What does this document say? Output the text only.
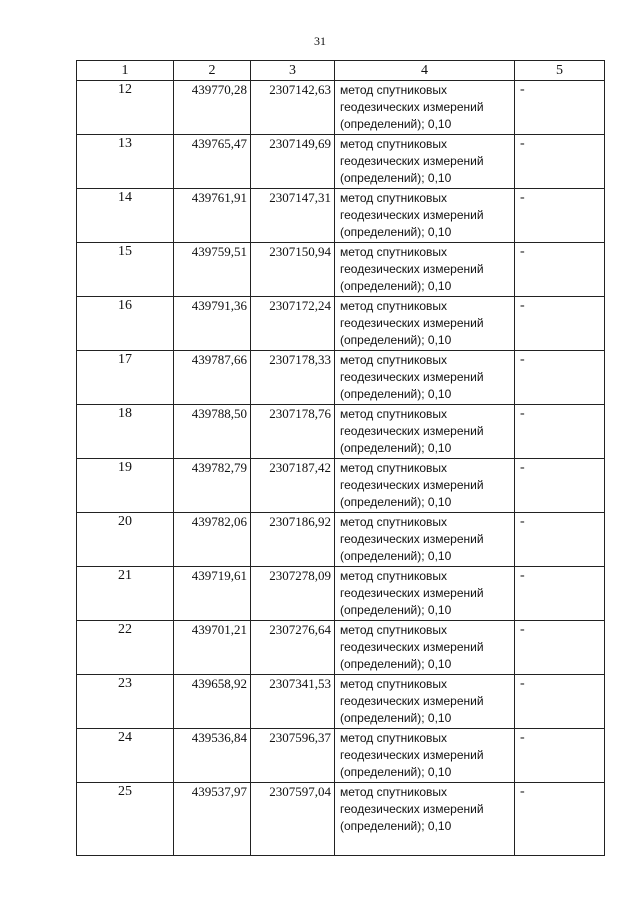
31
1	2	3	4	5
12	439770,28	2307142,63	метод спутниковых
геодезических измерений
(определений); 0,10	-
13	439765,47	2307149,69	метод спутниковых
геодезических измерений
(определений); 0,10	-
14	439761,91	2307147,31	метод спутниковых
геодезических измерений
(определений); 0,10	-
15	439759,51	2307150,94	метод спутниковых
геодезических измерений
(определений); 0,10	-
16	439791,36	2307172,24	метод спутниковых
геодезических измерений
(определений); 0,10	-
17	439787,66	2307178,33	метод спутниковых
геодезических измерений
(определений); 0,10	-
18	439788,50	2307178,76	метод спутниковых
геодезических измерений
(определений); 0,10	-
19	439782,79	2307187,42	метод спутниковых
геодезических измерений
(определений); 0,10	-
20	439782,06	2307186,92	метод спутниковых
геодезических измерений
(определений); 0,10	-
21	439719,61	2307278,09	метод спутниковых
геодезических измерений
(определений); 0,10	-
22	439701,21	2307276,64	метод спутниковых
геодезических измерений
(определений); 0,10	-
23	439658,92	2307341,53	метод спутниковых
геодезических измерений
(определений); 0,10	-
24	439536,84	2307596,37	метод спутниковых
геодезических измерений
(определений); 0,10	-
25	439537,97	2307597,04	метод спутниковых
геодезических измерений
(определений); 0,10	-
